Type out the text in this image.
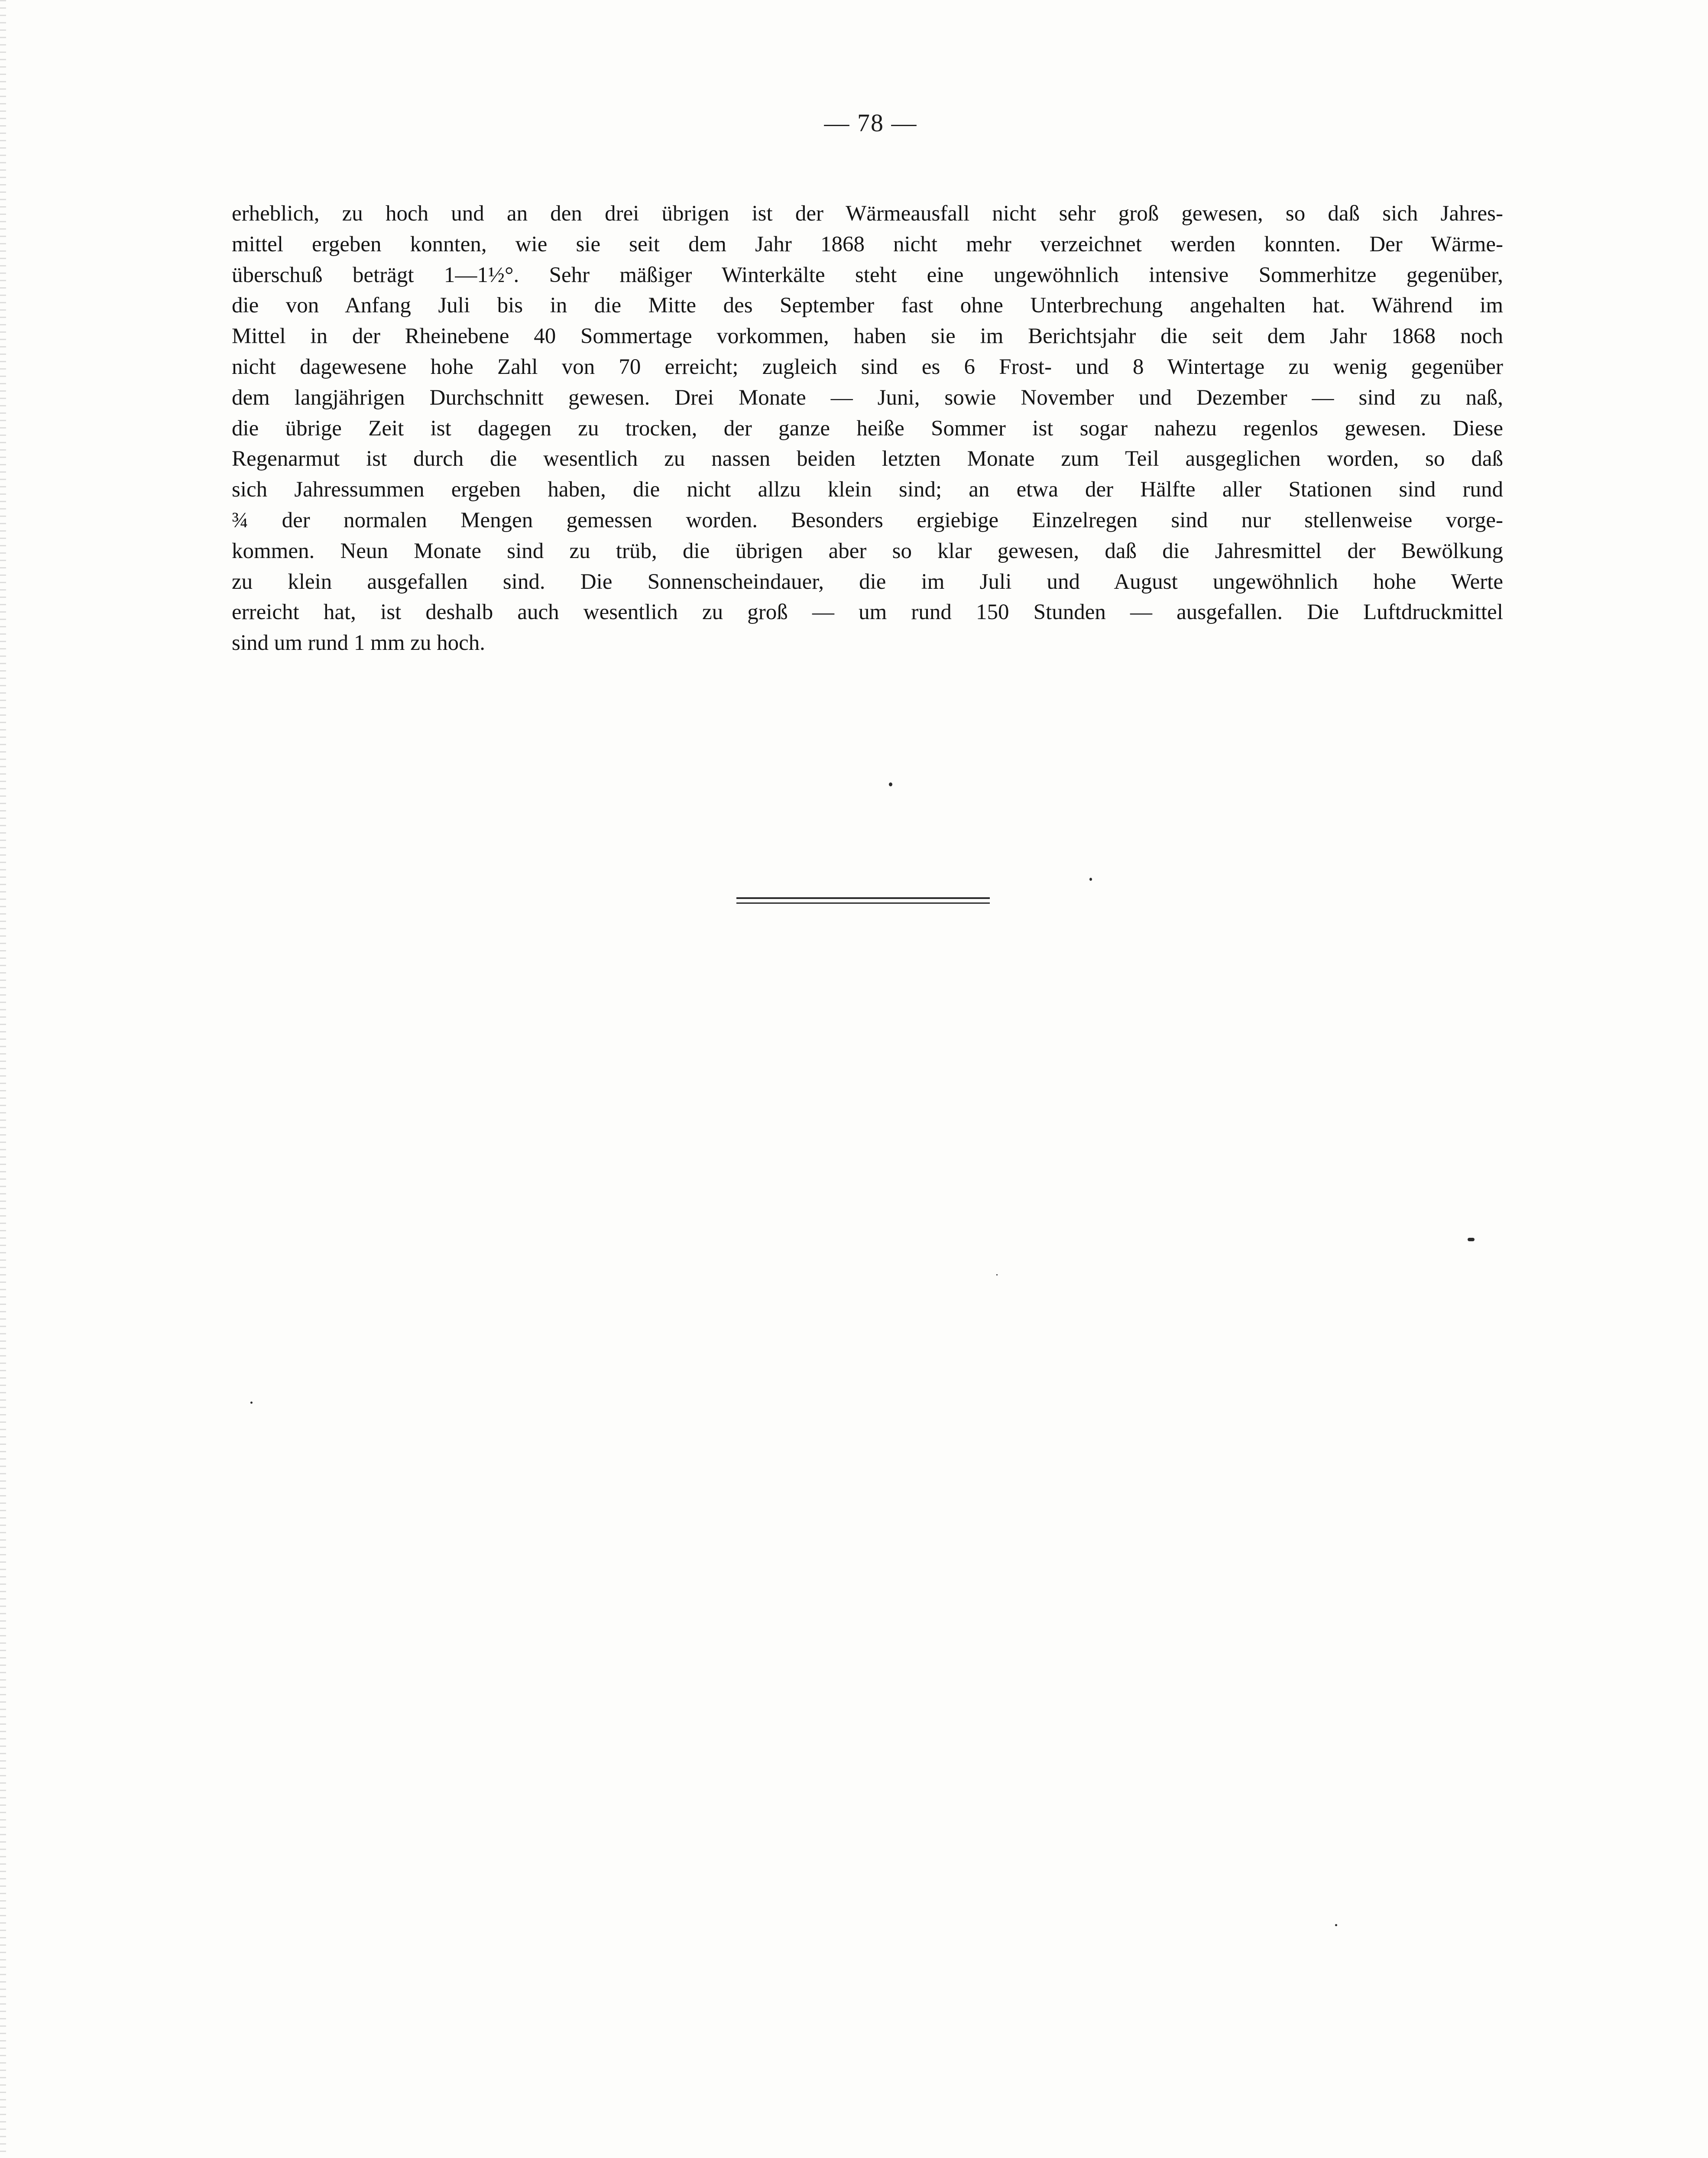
— 78 —
erheblich, zu hoch und an den drei übrigen ist der Wärmeausfall nicht sehr groß gewesen, so daß sich Jahres-
mittel ergeben konnten, wie sie seit dem Jahr 1868 nicht mehr verzeichnet werden konnten. Der Wärme-
überschuß beträgt 1—1½°. Sehr mäßiger Winterkälte steht eine ungewöhnlich intensive Sommerhitze gegenüber,
die von Anfang Juli bis in die Mitte des September fast ohne Unterbrechung angehalten hat. Während im
Mittel in der Rheinebene 40 Sommertage vorkommen, haben sie im Berichtsjahr die seit dem Jahr 1868 noch
nicht dagewesene hohe Zahl von 70 erreicht; zugleich sind es 6 Frost- und 8 Wintertage zu wenig gegenüber
dem langjährigen Durchschnitt gewesen. Drei Monate — Juni, sowie November und Dezember — sind zu naß,
die übrige Zeit ist dagegen zu trocken, der ganze heiße Sommer ist sogar nahezu regenlos gewesen. Diese
Regenarmut ist durch die wesentlich zu nassen beiden letzten Monate zum Teil ausgeglichen worden, so daß
sich Jahressummen ergeben haben, die nicht allzu klein sind; an etwa der Hälfte aller Stationen sind rund
¾ der normalen Mengen gemessen worden. Besonders ergiebige Einzelregen sind nur stellenweise vorge-
kommen. Neun Monate sind zu trüb, die übrigen aber so klar gewesen, daß die Jahresmittel der Bewölkung
zu klein ausgefallen sind. Die Sonnenscheindauer, die im Juli und August ungewöhnlich hohe Werte
erreicht hat, ist deshalb auch wesentlich zu groß — um rund 150 Stunden — ausgefallen. Die Luftdruckmittel
sind um rund 1 mm zu hoch.
